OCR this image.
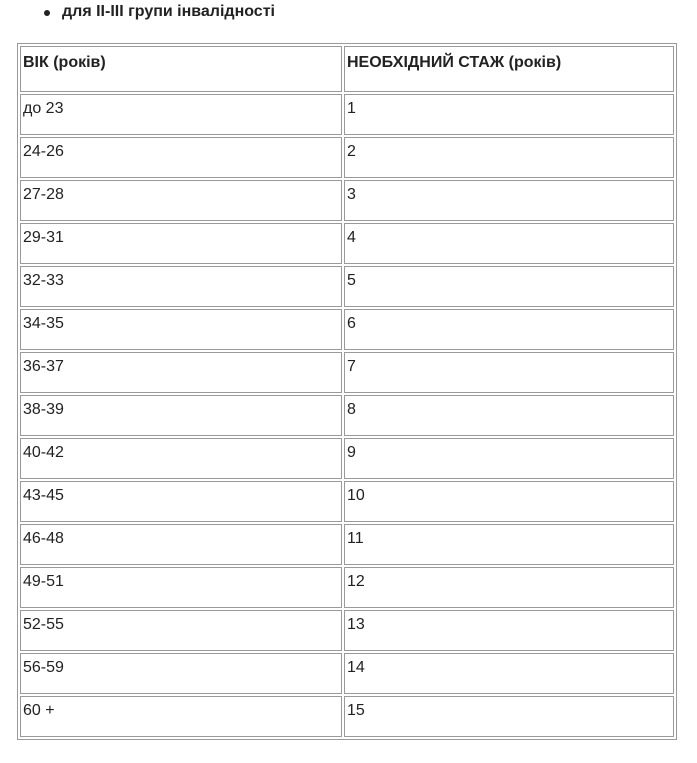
для ІІ-ІІІ групи інвалідності
ВІК (років)	НЕОБХІДНИЙ СТАЖ (років)
до 23	1
24-26	2
27-28	3
29-31	4
32-33	5
34-35	6
36-37	7
38-39	8
40-42	9
43-45	10
46-48	11
49-51	12
52-55	13
56-59	14
60 +	15
